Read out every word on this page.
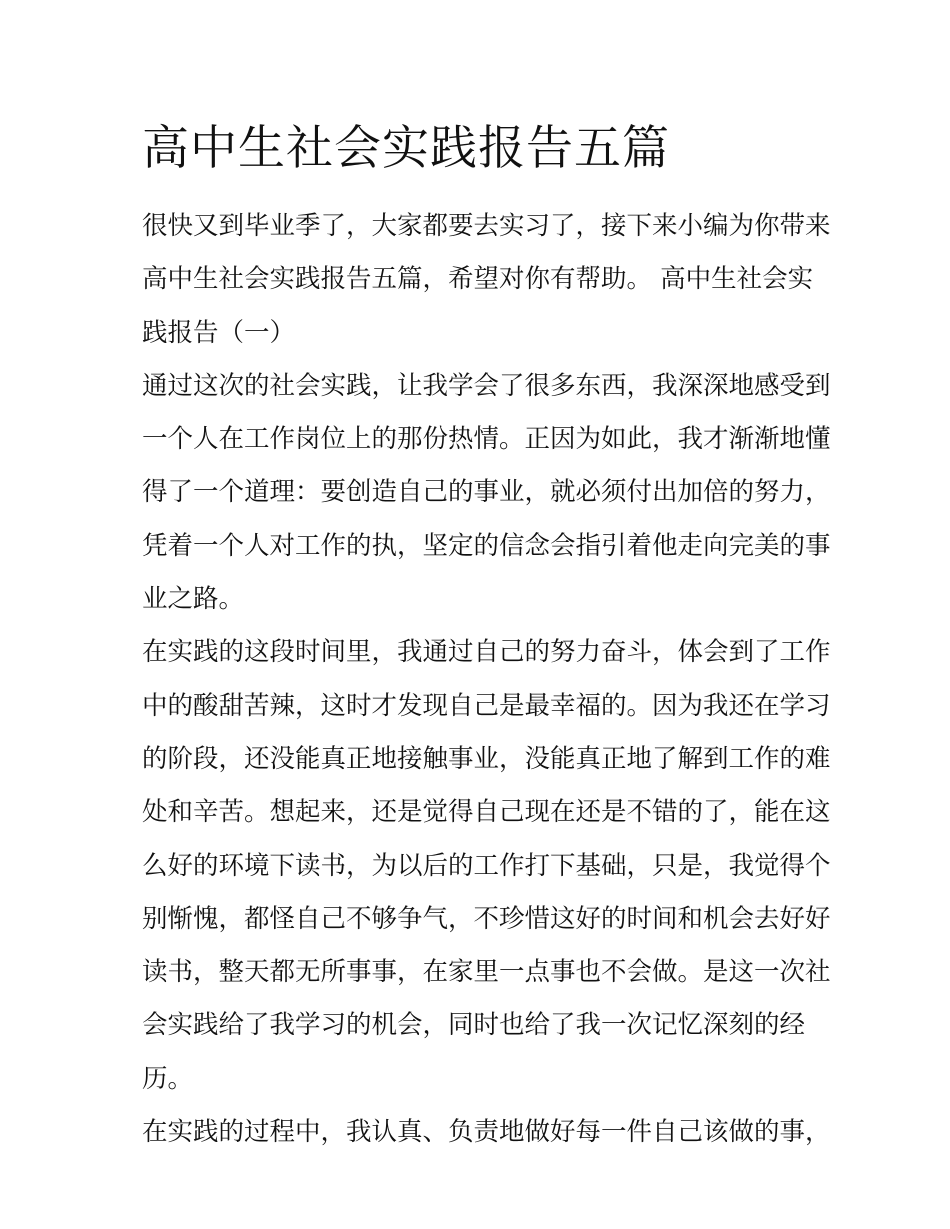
高中生社会实践报告五篇
很快又到毕业季了，大家都要去实习了，接下来小编为你带来
高中生社会实践报告五篇，希望对你有帮助。 高中生社会实
践报告（一）
通过这次的社会实践，让我学会了很多东西，我深深地感受到
一个人在工作岗位上的那份热情。正因为如此，我才渐渐地懂
得了一个道理：要创造自己的事业，就必须付出加倍的努力，
凭着一个人对工作的执，坚定的信念会指引着他走向完美的事
业之路。
在实践的这段时间里，我通过自己的努力奋斗，体会到了工作
中的酸甜苦辣，这时才发现自己是最幸福的。因为我还在学习
的阶段，还没能真正地接触事业，没能真正地了解到工作的难
处和辛苦。想起来，还是觉得自己现在还是不错的了，能在这
么好的环境下读书，为以后的工作打下基础，只是，我觉得个
别惭愧，都怪自己不够争气，不珍惜这好的时间和机会去好好
读书，整天都无所事事，在家里一点事也不会做。是这一次社
会实践给了我学习的机会，同时也给了我一次记忆深刻的经
历。
在实践的过程中，我认真、负责地做好每一件自己该做的事，
